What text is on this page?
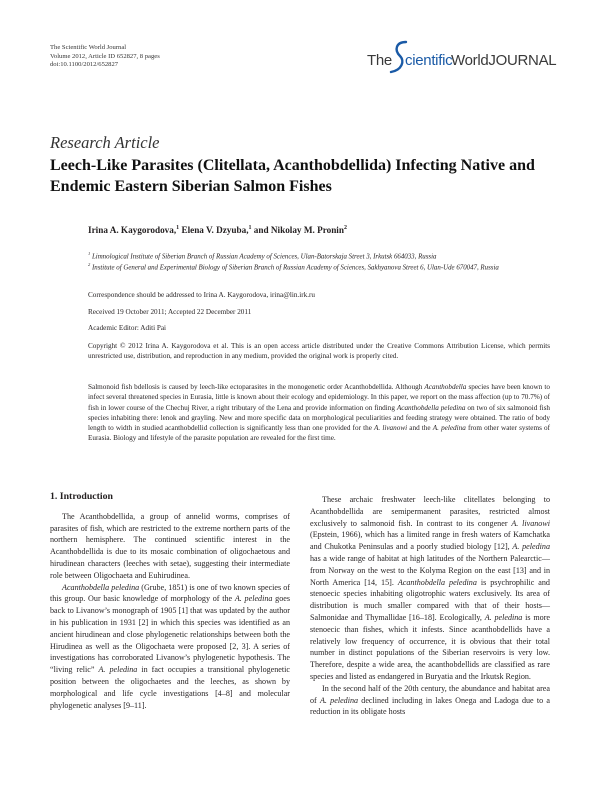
The Scientific World Journal
Volume 2012, Article ID 652827, 8 pages
doi:10.1100/2012/652827	The cientific
WorldJOURNAL
Research Article
Leech-Like Parasites (Clitellata, Acanthobdellida) Infecting Native and Endemic Eastern Siberian Salmon Fishes
Irina A. Kaygorodova,$^1$ Elena V. Dzyuba,$^1$ and Nikolay M. Pronin$^2$
$^1$ Limnological Institute of Siberian Branch of Russian Academy of Sciences, Ulan-Batorskaja Street 3, Irkutsk 664033, Russia
$^2$ Institute of General and Experimental Biology of Siberian Branch of Russian Academy of Sciences, Sakhyanova Street 6, Ulan-Ude 670047, Russia
Correspondence should be addressed to Irina A. Kaygorodova, irina@lin.irk.ru
Received 19 October 2011; Accepted 22 December 2011
Academic Editor: Aditi Pai
Copyright © 2012 Irina A. Kaygorodova et al. This is an open access article distributed under the Creative Commons Attribution License, which permits unrestricted use, distribution, and reproduction in any medium, provided the original work is properly cited.
Salmonoid fish bdellosis is caused by leech-like ectoparasites in the monogenetic order Acanthobdellida. Although Acanthobdella species have been known to infect several threatened species in Eurasia, little is known about their ecology and epidemiology. In this paper, we report on the mass affection (up to 70.7%) of fish in lower course of the Chechuj River, a right tributary of the Lena and provide information on finding Acanthobdella peledina on two of six salmonoid fish species inhabiting there: lenok and grayling. New and more specific data on morphological peculiarities and feeding strategy were obtained. The ratio of body length to width in studied acanthobdellid collection is significantly less than one provided for the A. livanowi and the A. peledina from other water systems of Eurasia. Biology and lifestyle of the parasite population are revealed for the first time.

1. Introduction

The Acanthobdellida, a group of annelid worms, comprises of parasites of fish, which are restricted to the extreme northern parts of the northern hemisphere. The continued scientific interest in the Acanthobdellida is due to its mosaic combination of oligochaetous and hirudinean characters (leeches with setae), suggesting their intermediate role between Oligochaeta and Euhirudinea.

Acanthobdella peledina (Grube, 1851) is one of two known species of this group. Our basic knowledge of morphology of the A. peledina goes back to Livanow’s monograph of 1905 [1] that was updated by the author in his publication in 1931 [2] in which this species was identified as an ancient hirudinean and close phylogenetic relationships between both the Hirudinea as well as the Oligochaeta were proposed [2, 3]. A series of investigations has corroborated Livanow’s phylogenetic hypothesis. The “living relic” A. peledina in fact occupies a transitional phylogenetic position between the oligochaetes and the leeches, as shown by morphological and life cycle investigations [4–8] and molecular phylogenetic analyses [9–11].

These archaic freshwater leech-like clitellates belonging to Acanthobdellida are semipermanent parasites, restricted almost exclusively to salmonoid fish. In contrast to its congener A. livanowi (Epstein, 1966), which has a limited range in fresh waters of Kamchatka and Chukotka Peninsulas and a poorly studied biology [12], A. peledina has a wide range of habitat at high latitudes of the Northern Palearctic—from Norway on the west to the Kolyma Region on the east [13] and in North America [14, 15]. Acanthobdella peledina is psychrophilic and stenoecic species inhabiting oligotrophic waters exclusively. Its area of distribution is much smaller compared with that of their hosts—Salmonidae and Thymallidae [16–18]. Ecologically, A. peledina is more stenoecic than fishes, which it infests. Since acanthobdellids have a relatively low frequency of occurrence, it is obvious that their total number in distinct populations of the Siberian reservoirs is very low. Therefore, despite a wide area, the acanthobdellids are classified as rare species and listed as endangered in Buryatia and the Irkutsk Region.

In the second half of the 20th century, the abundance and habitat area of A. peledina declined including in lakes Onega and Ladoga due to a reduction in its obligate hosts
